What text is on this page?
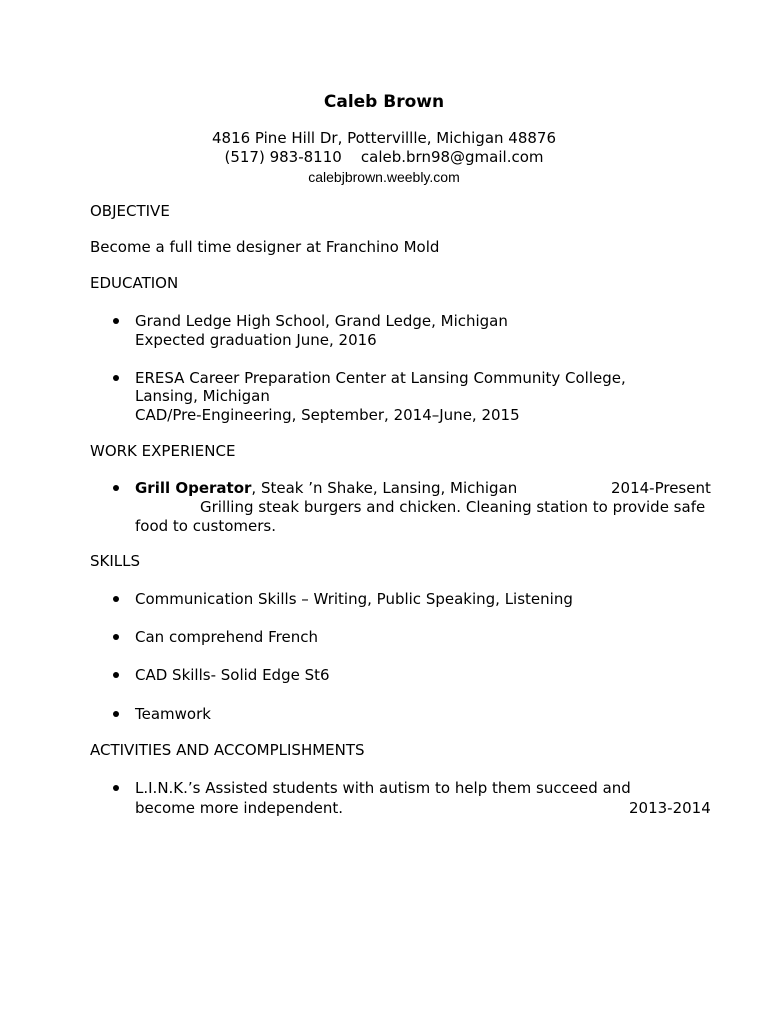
Caleb Brown
4816 Pine Hill Dr, Pottervillle, Michigan 48876
(517) 983-8110 caleb.brn98@gmail.com
calebjbrown.weebly.com
OBJECTIVE
Become a full time designer at Franchino Mold
EDUCATION
Grand Ledge High School, Grand Ledge, Michigan
Expected graduation June, 2016
ERESA Career Preparation Center at Lansing Community College,
Lansing, Michigan
CAD/Pre-Engineering, September, 2014–June, 2015
WORK EXPERIENCE
Grill Operator, Steak ’n Shake, Lansing, Michigan	2014-Present
Grilling steak burgers and chicken. Cleaning station to provide safe
food to customers.
SKILLS
Communication Skills – Writing, Public Speaking, Listening
Can comprehend French
CAD Skills- Solid Edge St6
Teamwork
ACTIVITIES AND ACCOMPLISHMENTS
L.I.N.K.’s Assisted students with autism to help them succeed and
become more independent.	2013-2014
